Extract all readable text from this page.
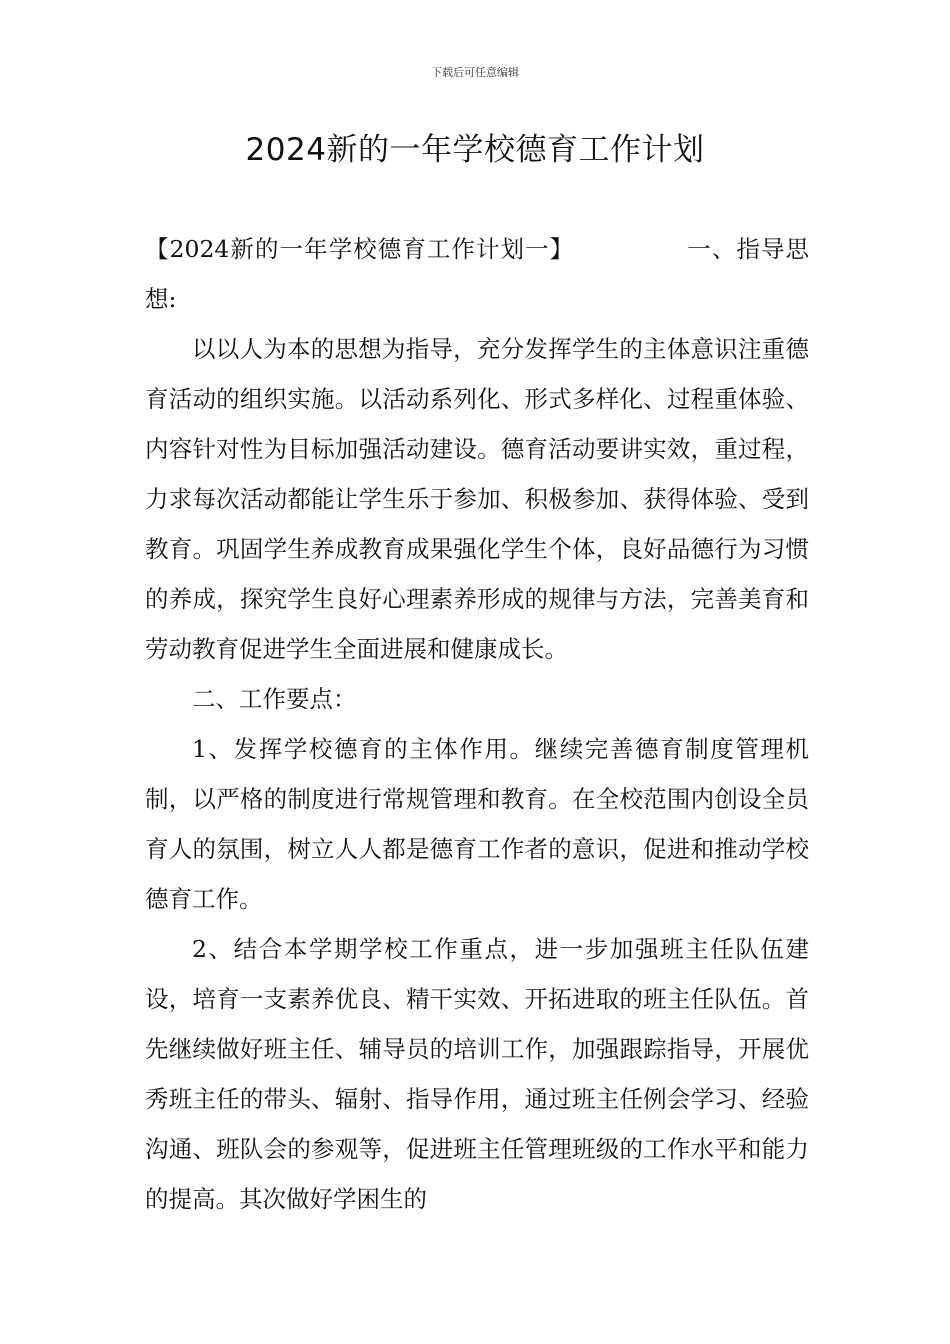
下载后可任意编辑
2024新的一年学校德育工作计划

【2024新的一年学校德育工作计划一】	一、指导思想:

以以人为本的思想为指导，充分发挥学生的主体意识注重德育活动的组织实施。以活动系列化、形式多样化、过程重体验、内容针对性为目标加强活动建设。德育活动要讲实效，重过程，力求每次活动都能让学生乐于参加、积极参加、获得体验、受到教育。巩固学生养成教育成果强化学生个体，良好品德行为习惯的养成，探究学生良好心理素养形成的规律与方法，完善美育和劳动教育促进学生全面进展和健康成长。

二、工作要点：

1、发挥学校德育的主体作用。继续完善德育制度管理机制，以严格的制度进行常规管理和教育。在全校范围内创设全员育人的氛围，树立人人都是德育工作者的意识，促进和推动学校德育工作。

2、结合本学期学校工作重点，进一步加强班主任队伍建设，培育一支素养优良、精干实效、开拓进取的班主任队伍。首先继续做好班主任、辅导员的培训工作，加强跟踪指导，开展优秀班主任的带头、辐射、指导作用，通过班主任例会学习、经验沟通、班队会的参观等，促进班主任管理班级的工作水平和能力的提高。其次做好学困生的
